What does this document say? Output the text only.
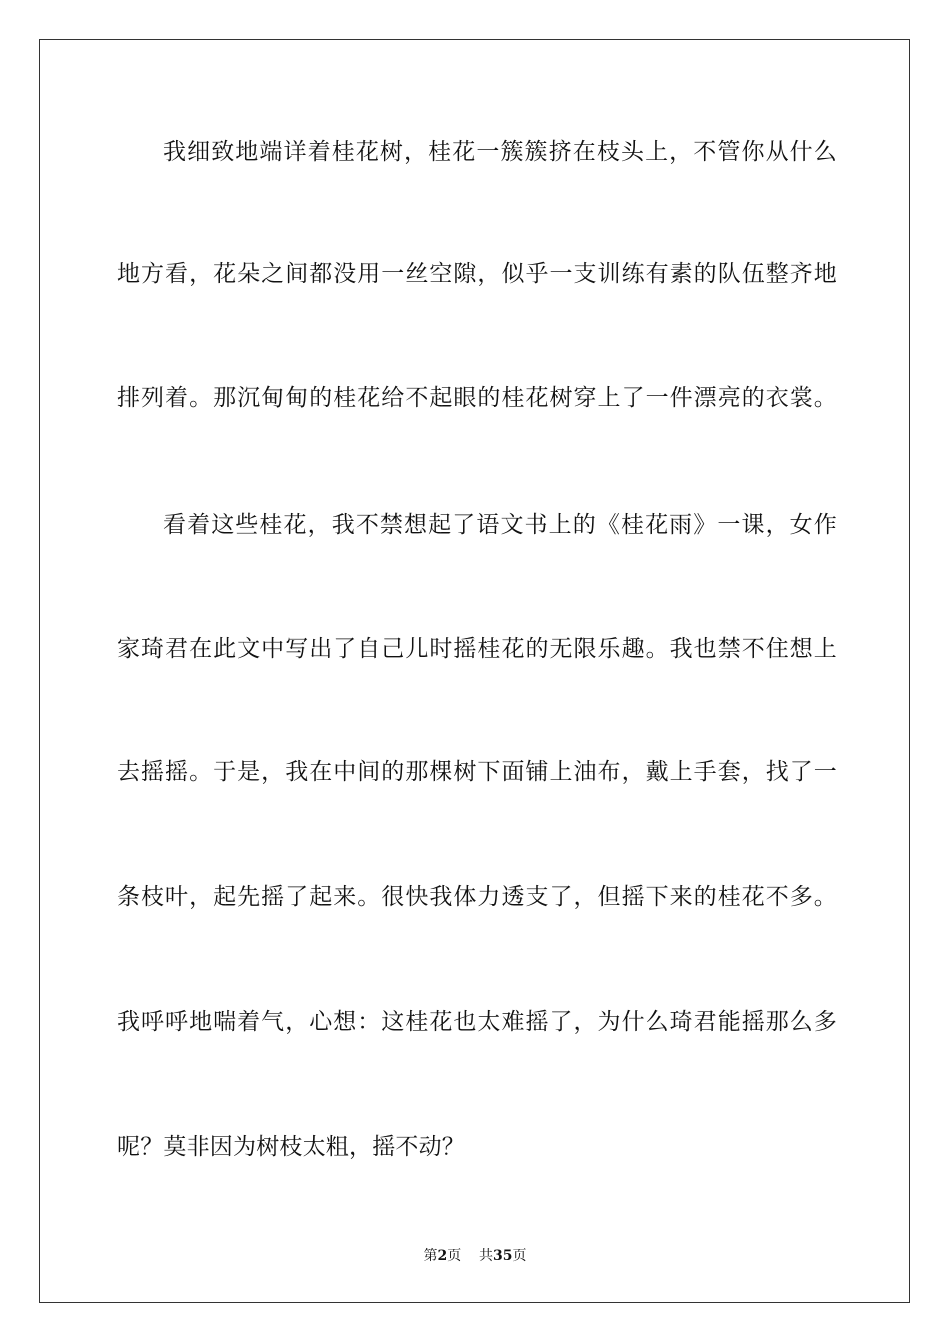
我细致地端详着桂花树，桂花一簇簇挤在枝头上，不管你从什么

地方看，花朵之间都没用一丝空隙，似乎一支训练有素的队伍整齐地

排列着。那沉甸甸的桂花给不起眼的桂花树穿上了一件漂亮的衣裳。

看着这些桂花，我不禁想起了语文书上的《桂花雨》一课，女作

家琦君在此文中写出了自己儿时摇桂花的无限乐趣。我也禁不住想上

去摇摇。于是，我在中间的那棵树下面铺上油布，戴上手套，找了一

条枝叶，起先摇了起来。很快我体力透支了，但摇下来的桂花不多。

我呼呼地喘着气，心想：这桂花也太难摇了，为什么琦君能摇那么多

呢？莫非因为树枝太粗，摇不动？

第2页 共35页
